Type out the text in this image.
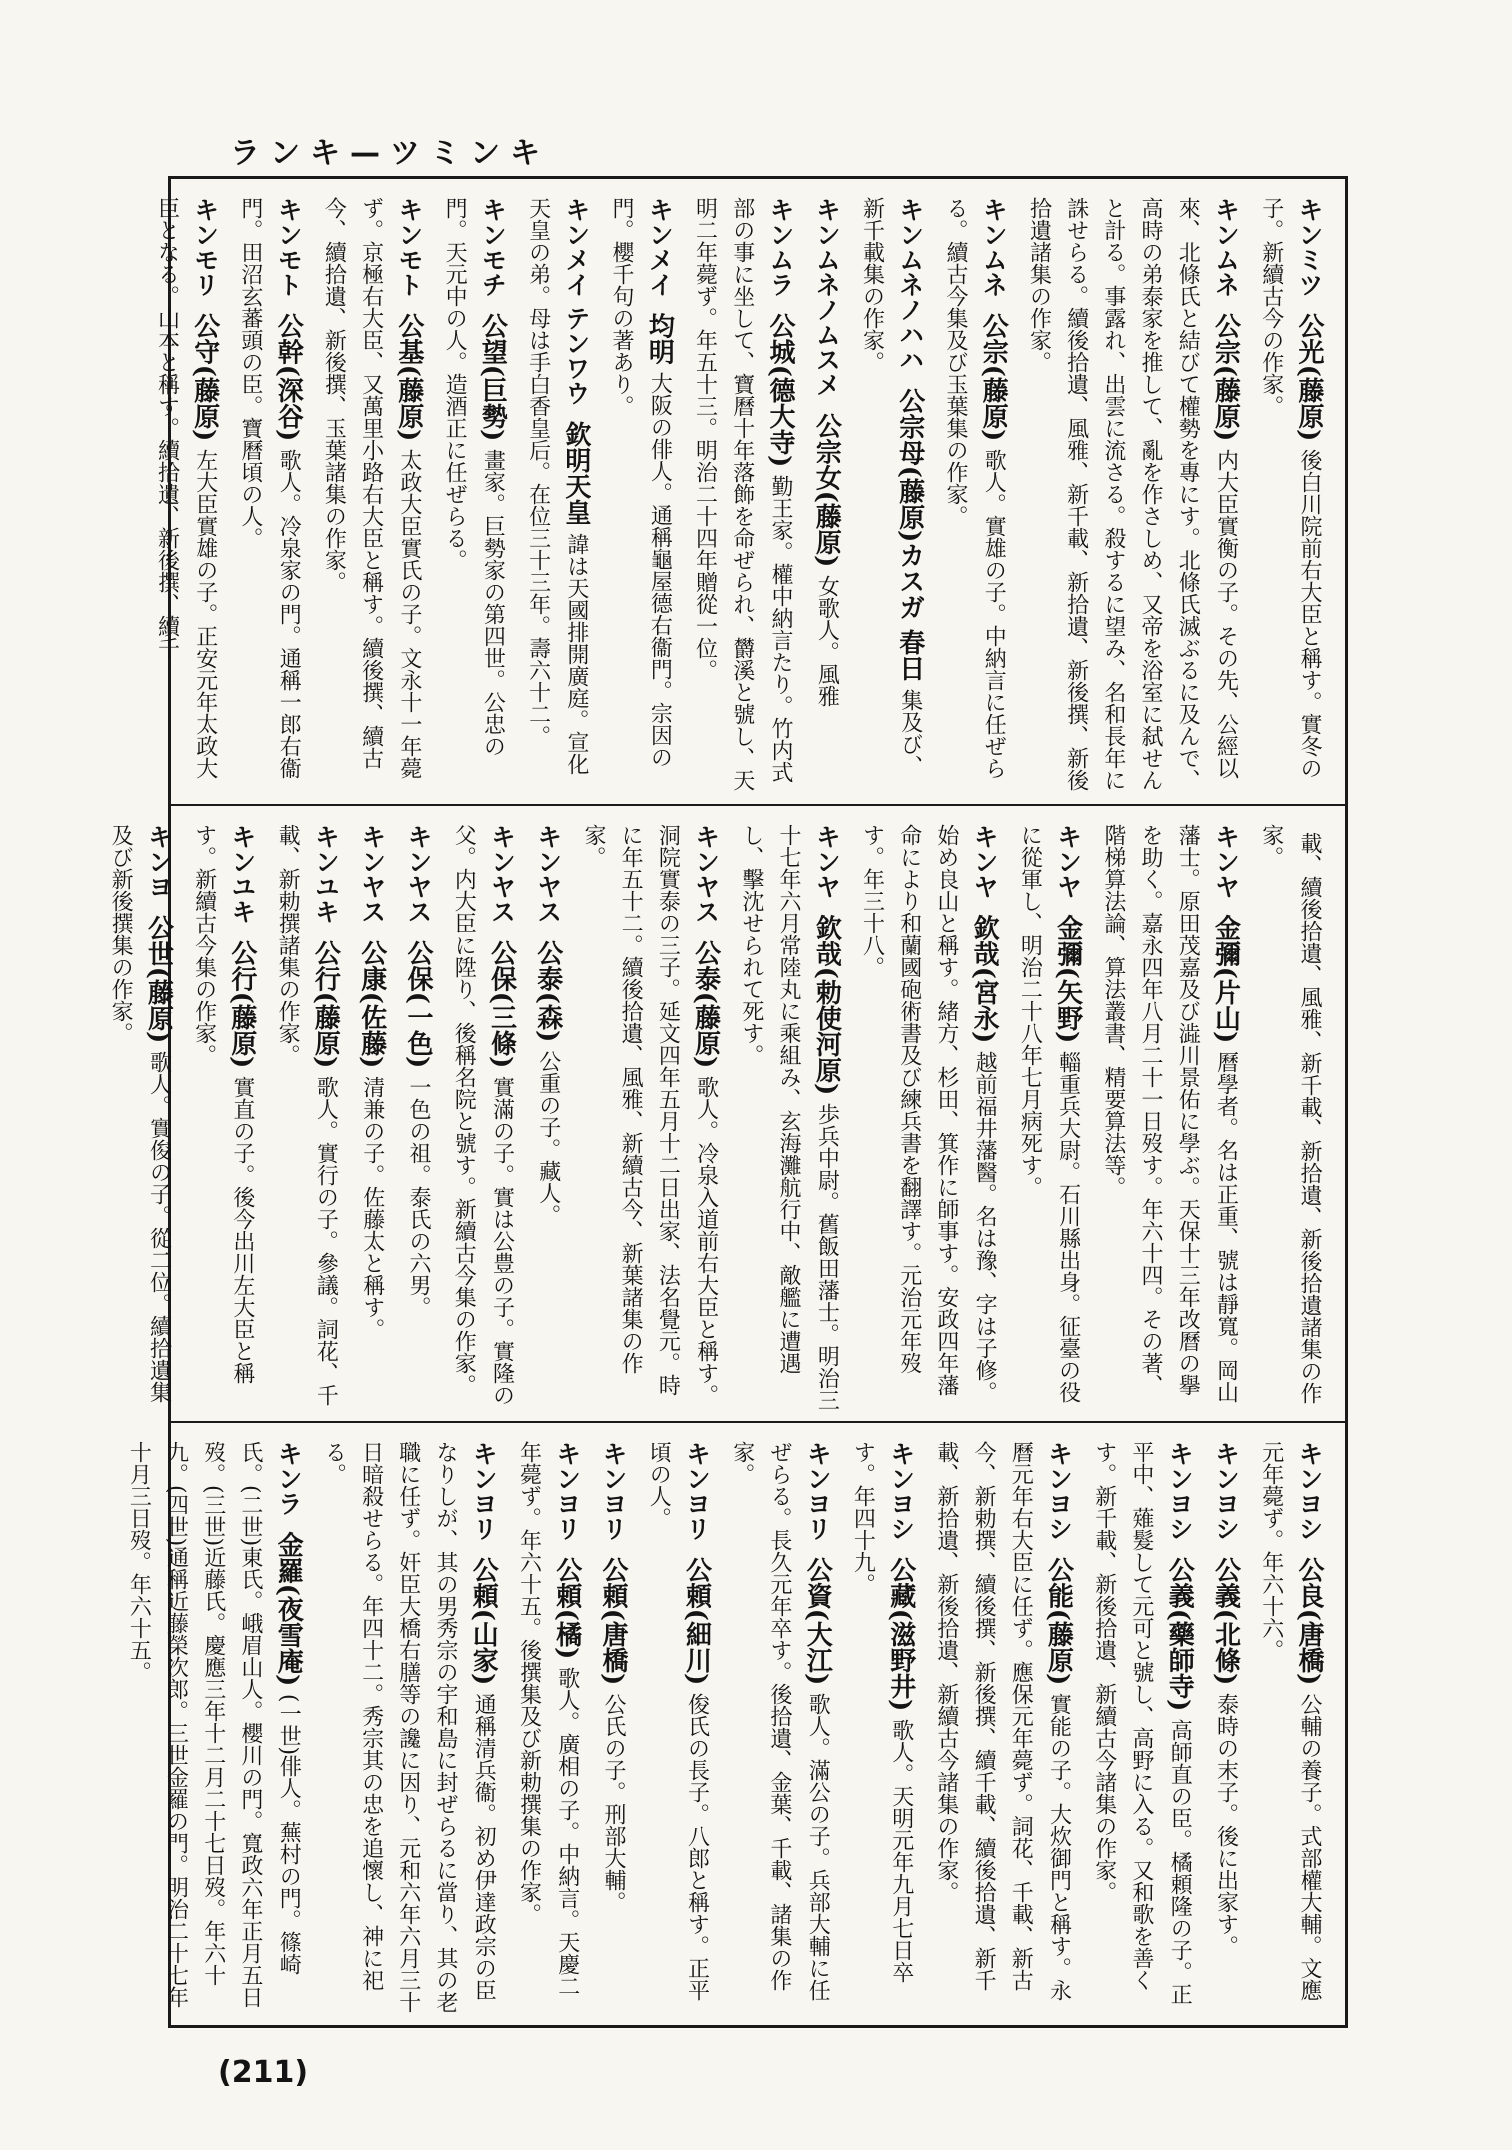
ランキ—ツミンキ
キンミツ 公光(藤原) 後白川院前右大臣と稱す。實冬の子。新續古今の作家。
キンムネ 公宗(藤原) 内大臣實衡の子。その先、公經以來、北條氏と結びて權勢を專にす。北條氏滅ぶるに及んで、高時の弟泰家を推して、亂を作さしめ、又帝を浴室に弑せんと計る。事露れ、出雲に流さる。殺するに望み、名和長年に誅せらる。續後拾遺、風雅、新千載、新拾遺、新後撰、新後拾遺諸集の作家。
キンムネ 公宗(藤原) 歌人。實雄の子。中納言に任ぜらる。續古今集及び玉葉集の作家。
キンムネノハハ 公宗母(藤原)カスガ 春日 集及び、新千載集の作家。
キンムネノムスメ 公宗女(藤原) 女歌人。風雅
キンムラ 公城(德大寺) 勤王家。權中納言たり。竹内式部の事に坐して、寶曆十年落飾を命ぜられ、欝溪と號し、天明二年薨ず。年五十三。明治二十四年贈從一位。
キンメイ 均明 大阪の俳人。通稱龜屋德右衞門。宗因の門。櫻千句の著あり。
キンメイ テンワウ 欽明天皇 諱は天國排開廣庭。宣化天皇の弟。母は手白香皇后。在位三十三年。壽六十二。
キンモチ 公望(巨勢) 畫家。巨勢家の第四世。公忠の門。天元中の人。造酒正に任ぜらる。
キンモト 公基(藤原) 太政大臣實氏の子。文永十一年薨ず。京極右大臣、又萬里小路右大臣と稱す。續後撰、續古今、續拾遺、新後撰、玉葉諸集の作家。
キンモト 公幹(深谷) 歌人。冷泉家の門。通稱一郎右衞門。田沼玄蕃頭の臣。寶曆頃の人。
キンモリ 公守(藤原) 左大臣實雄の子。正安元年太政大臣となる。山本と稱す。續拾遺、新後撰、續千
載、續後拾遺、風雅、新千載、新拾遺、新後拾遺諸集の作家。
キンヤ 金彌(片山) 曆學者。名は正重、號は靜寬。岡山藩士。原田茂嘉及び澁川景佑に學ぶ。天保十三年改曆の擧を助く。嘉永四年八月二十一日歿す。年六十四。その著、階梯算法論、算法叢書、精要算法等。
キンヤ 金彌(矢野) 輜重兵大尉。石川縣出身。征臺の役に從軍し、明治二十八年七月病死す。
キンヤ 欽哉(宮永) 越前福井藩醫。名は豫、字は子修。始め良山と稱す。緒方、杉田、箕作に師事す。安政四年藩命により和蘭國砲術書及び練兵書を翻譯す。元治元年歿す。年三十八。
キンヤ 欽哉(勅使河原) 歩兵中尉。舊飯田藩士。明治三十七年六月常陸丸に乘組み、玄海灘航行中、敵艦に遭遇し、擊沈せられて死す。
キンヤス 公泰(藤原) 歌人。冷泉入道前右大臣と稱す。洞院實泰の三子。延文四年五月十二日出家、法名覺元。時に年五十二。續後拾遺、風雅、新續古今、新葉諸集の作家。
キンヤス 公泰(森) 公重の子。藏人。
キンヤス 公保(三條) 實滿の子。實は公豊の子。實隆の父。内大臣に陞り、後稱名院と號す。新續古今集の作家。
キンヤス 公保(一色) 一色の祖。泰氏の六男。
キンヤス 公康(佐藤) 清兼の子。佐藤太と稱す。
キンユキ 公行(藤原) 歌人。實行の子。參議。詞花、千載、新勅撰諸集の作家。
キンユキ 公行(藤原) 實直の子。後今出川左大臣と稱す。新續古今集の作家。
キンヨ 公世(藤原) 歌人。實俊の子。從二位。續拾遺集及び新後撰集の作家。
キンヨシ 公良(唐橋) 公輔の養子。式部權大輔。文應元年薨ず。年六十六。
キンヨシ 公義(北條) 泰時の末子。後に出家す。
キンヨシ 公義(藥師寺) 高師直の臣。橘頼隆の子。正平中、薙髮して元可と號し、高野に入る。又和歌を善くす。新千載、新後拾遺、新續古今諸集の作家。
キンヨシ 公能(藤原) 實能の子。大炊御門と稱す。永曆元年右大臣に任ず。應保元年薨ず。詞花、千載、新古今、新勅撰、續後撰、新後撰、續千載、續後拾遺、新千載、新拾遺、新後拾遺、新續古今諸集の作家。
キンヨシ 公藏(滋野井) 歌人。天明元年九月七日卒す。年四十九。
キンヨリ 公資(大江) 歌人。滿公の子。兵部大輔に任ぜらる。長久元年卒す。後拾遺、金葉、千載、諸集の作家。
キンヨリ 公頼(細川) 俊氏の長子。八郎と稱す。正平頃の人。
キンヨリ 公頼(唐橋) 公氏の子。刑部大輔。
キンヨリ 公頼(橘) 歌人。廣相の子。中納言。天慶二年薨ず。年六十五。後撰集及び新勅撰集の作家。
キンヨリ 公頼(山家) 通稱清兵衞。初め伊達政宗の臣なりしが、其の男秀宗の宇和島に封ぜらるに當り、其の老職に任ず。奸臣大橋右膳等の讒に因り、元和六年六月三十日暗殺せらる。年四十二。秀宗其の忠を追懷し、神に祀る。
キンラ 金羅(夜雪庵) (一世)俳人。蕪村の門。篠崎氏。(二世)東氏。峨眉山人。櫻川の門。寬政六年正月五日歿。(三世)近藤氏。慶應三年十二月二十七日歿。年六十九。(四世)通稱近藤榮次郎。三世金羅の門。明治二十七年十月三日歿。年六十五。
(211)
